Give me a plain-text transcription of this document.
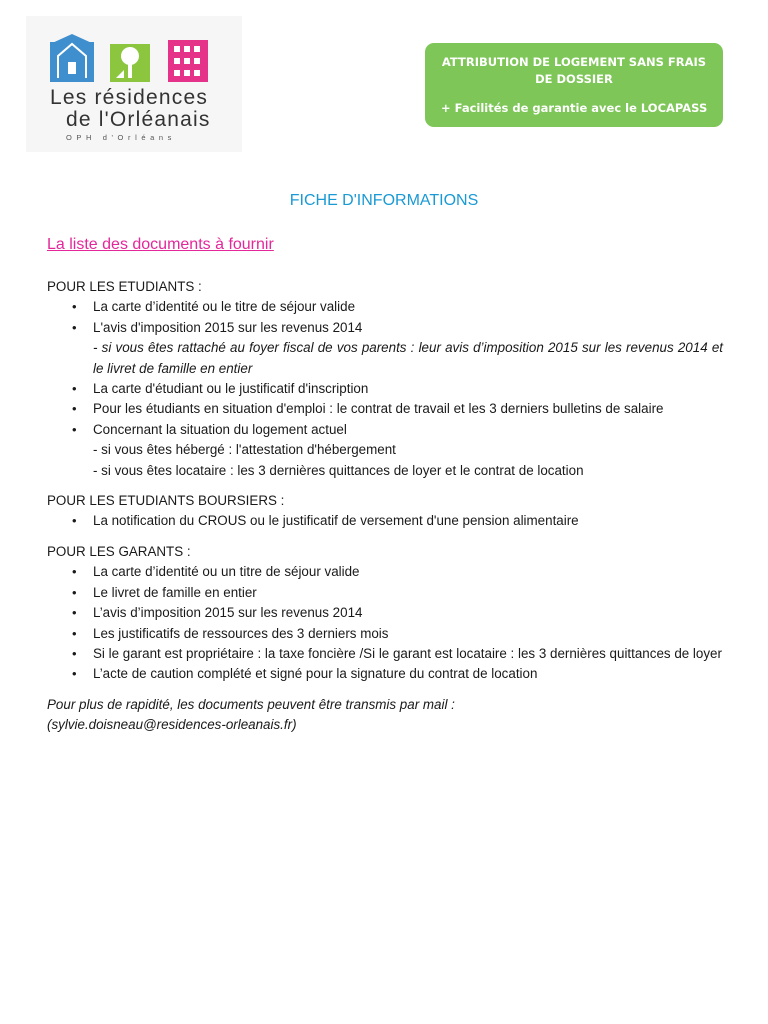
Les résidences
de l'Orléanais
OPH d'Orléans
ATTRIBUTION DE LOGEMENT SANS FRAIS
DE DOSSIER
+ Facilités de garantie avec le LOCAPASS
FICHE D'INFORMATIONS
La liste des documents à fournir

POUR LES ETUDIANTS :

• La carte d’identité ou le titre de séjour valide
• L'avis d'imposition 2015 sur les revenus 2014
- si vous êtes rattaché au foyer fiscal de vos parents : leur avis d’imposition 2015 sur les revenus 2014 et le livret de famille en entier
• La carte d'étudiant ou le justificatif d'inscription
• Pour les étudiants en situation d'emploi : le contrat de travail et les 3 derniers bulletins de salaire
• Concernant la situation du logement actuel
- si vous êtes hébergé : l'attestation d'hébergement
- si vous êtes locataire : les 3 dernières quittances de loyer et le contrat de location

POUR LES ETUDIANTS BOURSIERS :

• La notification du CROUS ou le justificatif de versement d'une pension alimentaire

POUR LES GARANTS :

• La carte d’identité ou un titre de séjour valide
• Le livret de famille en entier
• L’avis d’imposition 2015 sur les revenus 2014
• Les justificatifs de ressources des 3 derniers mois
• Si le garant est propriétaire : la taxe foncière /Si le garant est locataire : les 3 dernières quittances de loyer
• L’acte de caution complété et signé pour la signature du contrat de location
Pour plus de rapidité, les documents peuvent être transmis par mail :
(sylvie.doisneau@residences-orleanais.fr)
